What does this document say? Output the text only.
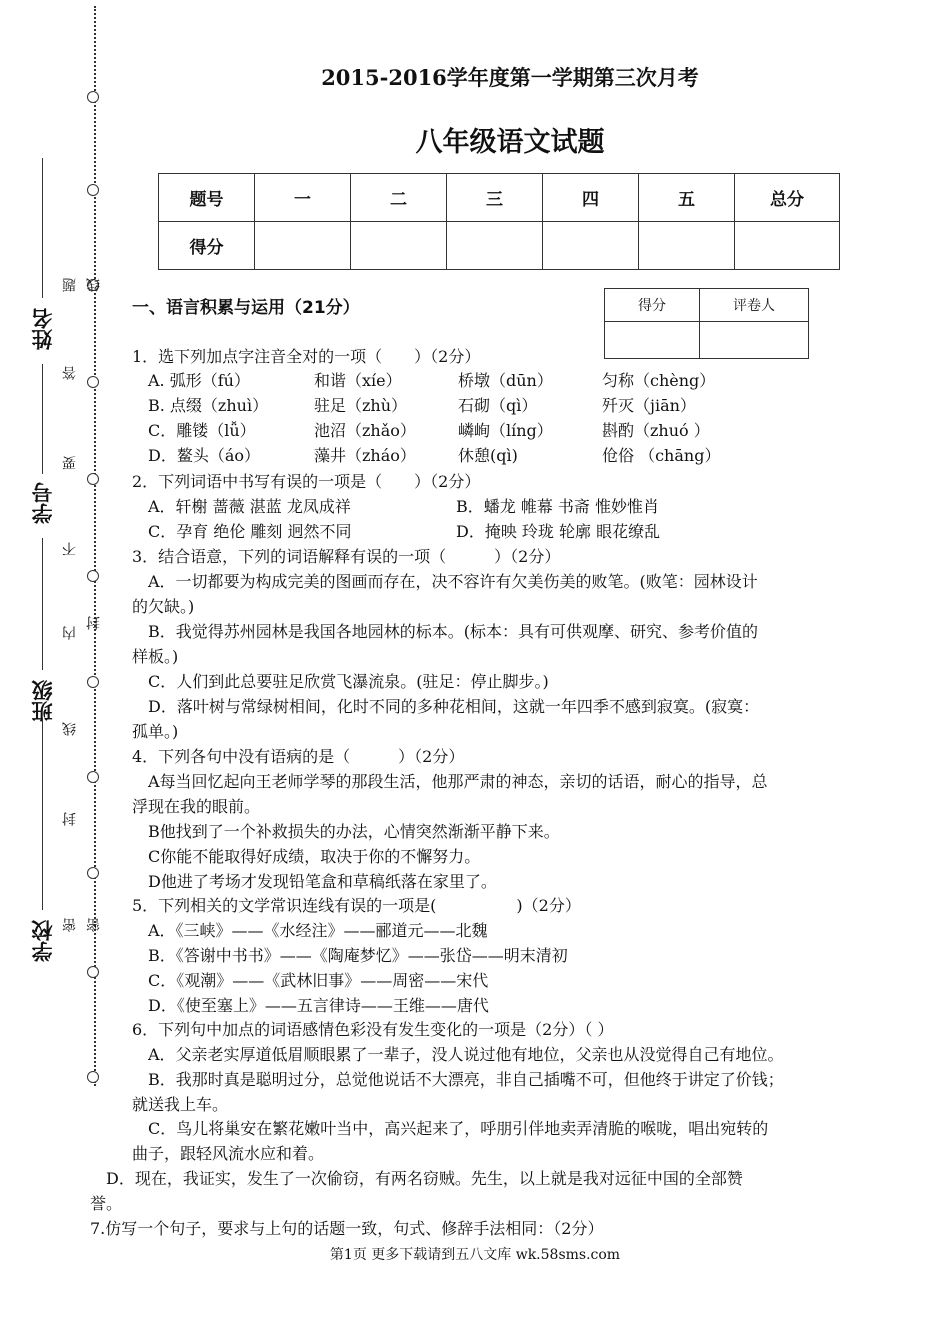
姓名
学号
班级
学校
题 线
答
要
不
内
封
线
封
密 密
2015-2016学年度第一学期第三次月考
八年级语文试题
题号	一	二	三	四	五	总分
得分						
一、语言积累与运用（21分）	得分	评卷人

1．选下列加点字注音全对的一项（　　）（2分）
A. 弧形（fú）	和谐（xíe）	桥墩（dūn）	匀称（chèng）
B. 点缀（zhuì）	驻足（zhù）	石砌（qì）	歼灭（jiān）
C．雕镂（lǚ）	池沼（zhǎo）	嶙峋（líng）	斟酌（zhuó ）
D．鳌头（áo）	藻井（zháo）	休憩(qì)	伧俗 （chāng）
2．下列词语中书写有误的一项是（　　）（2分）
A．轩榭 蔷薇 湛蓝 龙凤成祥	B．蟠龙 帷幕 书斋 惟妙惟肖
C．孕育 绝伦 雕刻 迥然不同	D．掩映 玲珑 轮廓 眼花缭乱
3．结合语意，下列的词语解释有误的一项（　　　）（2分）
A．一切都要为构成完美的图画而存在，决不容许有欠美伤美的败笔。(败笔：园林设计
的欠缺。)
B．我觉得苏州园林是我国各地园林的标本。(标本：具有可供观摩、研究、参考价值的
样板。)
C．人们到此总要驻足欣赏飞瀑流泉。(驻足：停止脚步。)
D．落叶树与常绿树相间，化时不同的多种花相间，这就一年四季不感到寂寞。(寂寞：
孤单。)
4．下列各句中没有语病的是（　　　）（2分）
A每当回忆起向王老师学琴的那段生活，他那严肃的神态，亲切的话语，耐心的指导，总
浮现在我的眼前。
B他找到了一个补救损失的办法，心情突然渐渐平静下来。
C你能不能取得好成绩，取决于你的不懈努力。
D他进了考场才发现铅笔盒和草稿纸落在家里了。
5．下列相关的文学常识连线有误的一项是(　　　　　)（2分）
A．《三峡》——《水经注》——郦道元——北魏
B．《答谢中书书》——《陶庵梦忆》——张岱——明末清初
C．《观潮》——《武林旧事》——周密——宋代
D．《使至塞上》——五言律诗——王维——唐代
6．下列句中加点的词语感情色彩没有发生变化的一项是（2分）（ ）
A．父亲老实厚道低眉顺眼累了一辈子，没人说过他有地位，父亲也从没觉得自己有地位。
B．我那时真是聪明过分，总觉他说话不大漂亮，非自己插嘴不可，但他终于讲定了价钱；
就送我上车。
C．鸟儿将巢安在繁花嫩叶当中，高兴起来了，呼朋引伴地卖弄清脆的喉咙，唱出宛转的
曲子，跟轻风流水应和着。
D．现在，我证实，发生了一次偷窃，有两名窃贼。先生，以上就是我对远征中国的全部赞
誉。
7.仿写一个句子，要求与上句的话题一致，句式、修辞手法相同：（2分）
第1页 更多下载请到五八文库 wk.58sms.com
